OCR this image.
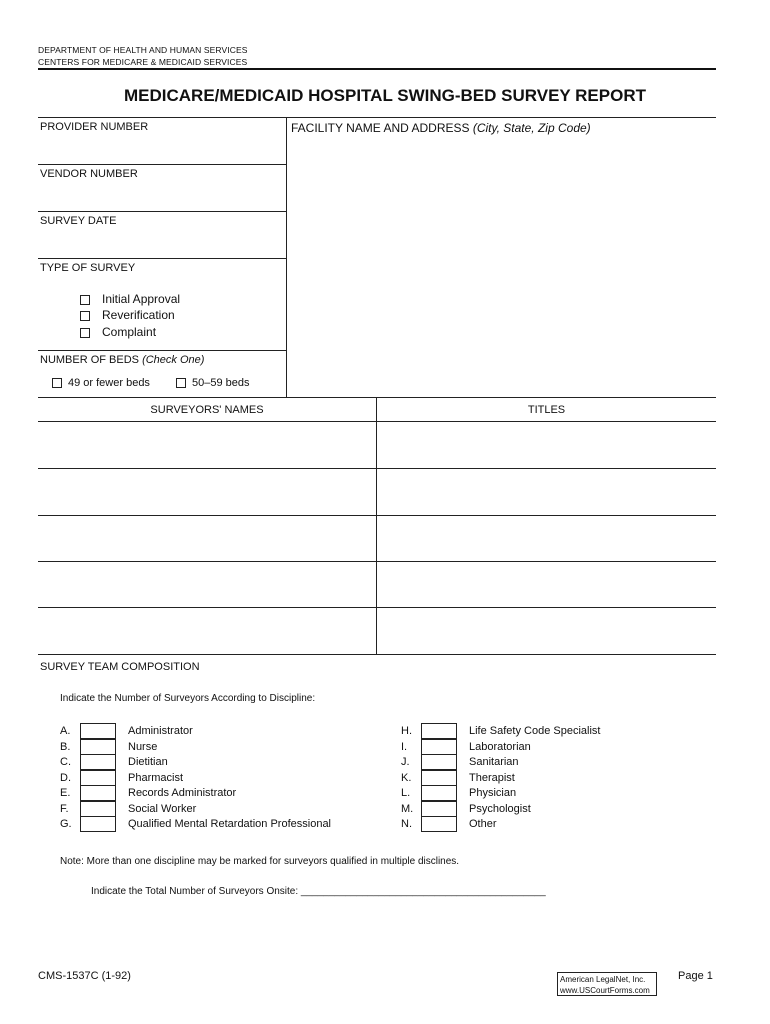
DEPARTMENT OF HEALTH AND HUMAN SERVICES
CENTERS FOR MEDICARE & MEDICAID SERVICES
MEDICARE/MEDICAID HOSPITAL SWING-BED SURVEY REPORT
PROVIDER NUMBER	FACILITY NAME AND ADDRESS (City, State, Zip Code)
VENDOR NUMBER
SURVEY DATE
TYPE OF SURVEY
Initial Approval
Reverification
Complaint
NUMBER OF BEDS (Check One)
49 or fewer beds	50–59 beds
SURVEYORS' NAMES	TITLES
SURVEY TEAM COMPOSITION
Indicate the Number of Surveyors According to Discipline:
A.	Administrator
B.	Nurse
C.	Dietitian
D.	Pharmacist
E.	Records Administrator
F.	Social Worker
G.	Qualified Mental Retardation Professional
H.	Life Safety Code Specialist
I.	Laboratorian
J.	Sanitarian
K.	Therapist
L.	Physician
M.	Psychologist
N.	Other
Note: More than one discipline may be marked for surveyors qualified in multiple disclines.
Indicate the Total Number of Surveyors Onsite: ____________________________________________
CMS-1537C (1-92)	American LegalNet, Inc.
www.USCourtForms.com
Page 1
